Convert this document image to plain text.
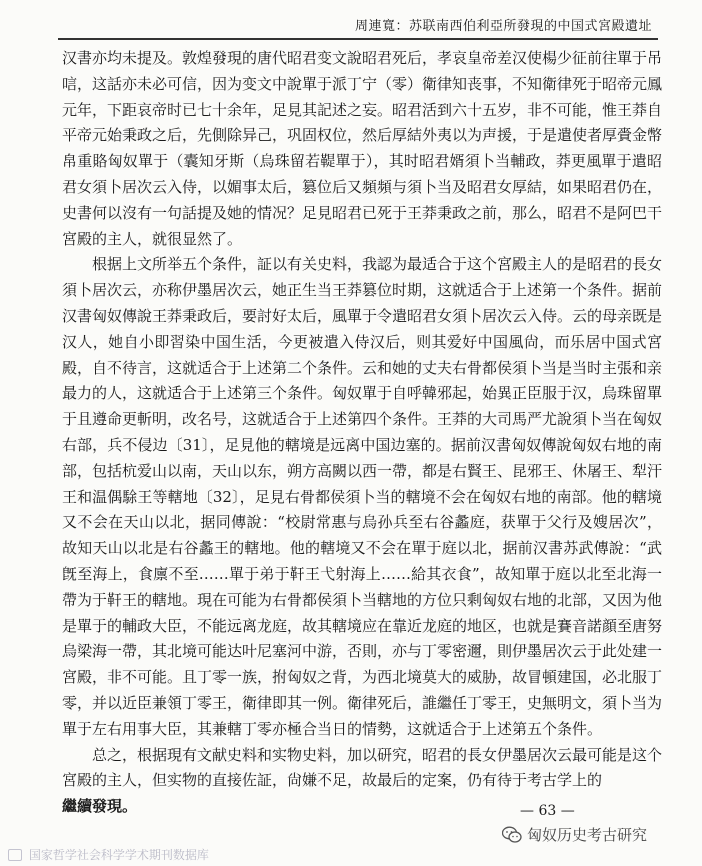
周連寬：苏联南西伯利亞所發現的中国式宮殿遺址

汉書亦均未提及。敦煌發現的唐代昭君变文說昭君死后，孝哀皇帝差汉使楊少征前往單于吊唁，这話亦未必可信，因为变文中說單于派丁宁（零）衛律知丧事，不知衛律死于昭帝元鳳元年，下距哀帝时已七十余年，足見其記述之妄。昭君活到六十五岁，非不可能，惟王莽自平帝元始秉政之后，先側除异己，巩固权位，然后厚結外夷以为声援，于是遣使者厚賫金幣帛重賂匈奴單于（囊知牙斯（烏珠留若鞮單于），其时昭君婿須卜当輔政，莽更風單于遣昭君女須卜居次云入侍，以媚事太后，篡位后又頻頻与須卜当及昭君女厚結，如果昭君仍在，史書何以沒有一句話提及她的情况？足見昭君已死于王莽秉政之前，那么，昭君不是阿巴干宮殿的主人，就很显然了。

根据上文所举五个条件，証以有关史料，我認为最适合于这个宮殿主人的是昭君的長女須卜居次云，亦称伊墨居次云，她正生当王莽篡位时期，这就适合于上述第一个条件。据前汉書匈奴傳說王莽秉政后，要討好太后，風單于令遣昭君女須卜居次云入侍。云的母亲既是汉人，她自小即習染中国生活，今更被遣入侍汉后，则其爱好中国風尙，而乐居中国式宮殿，自不待言，这就适合于上述第二个条件。云和她的丈夫右骨都侯須卜当是当时主張和亲最力的人，这就适合于上述第三个条件。匈奴單于自呼韓邪起，始異正臣服于汉，烏珠留單于且遵命更斬明，改名号，这就适合于上述第四个条件。王莽的大司馬严尤說須卜当在匈奴右部，兵不侵边〔31〕，足見他的轄境是远离中国边塞的。据前汉書匈奴傳說匈奴右地的南部，包括杭爱山以南，天山以东，朔方高闕以西一帶，都是右賢王、昆邪王、休屠王、犁汗王和温偶駼王等轄地〔32〕，足見右骨都侯須卜当的轄境不会在匈奴右地的南部。他的轄境又不会在天山以北，据同傳說：“校尉常惠与烏孙兵至右谷蠡庭，获單于父行及嫂居次”，故知天山以北是右谷蠡王的轄地。他的轄境又不会在單于庭以北，据前汉書苏武傳說：“武旣至海上，食廪不至……單于弟于靬王弋射海上……給其衣食”，故知單于庭以北至北海一帶为于靬王的轄地。現在可能为右骨都侯須卜当轄地的方位只剩匈奴右地的北部，又因为他是單于的輔政大臣，不能远离龙庭，故其轄境应在靠近龙庭的地区，也就是賽音諾顔至唐努烏梁海一帶，其北境可能达叶尼塞河中游，否則，亦与丁零密邇，則伊墨居次云于此处建一宮殿，非不可能。且丁零一族，拊匈奴之背，为西北境莫大的威胁，故冒頓建国，必北服丁零，并以近臣兼領丁零王，衛律即其一例。衛律死后，誰繼任丁零王，史無明文，須卜当为單于左右用事大臣，其兼轄丁零亦極合当日的情勢，这就适合于上述第五个条件。

总之，根据現有文献史料和实物史料，加以研究，昭君的長女伊墨居次云最可能是这个宮殿的主人，但实物的直接佐証，尙嫌不足，故最后的定案，仍有待于考古学上的

繼續發現。	— 63 —
匈奴历史考古研究
国家哲学社会科学学术期刊数据库
